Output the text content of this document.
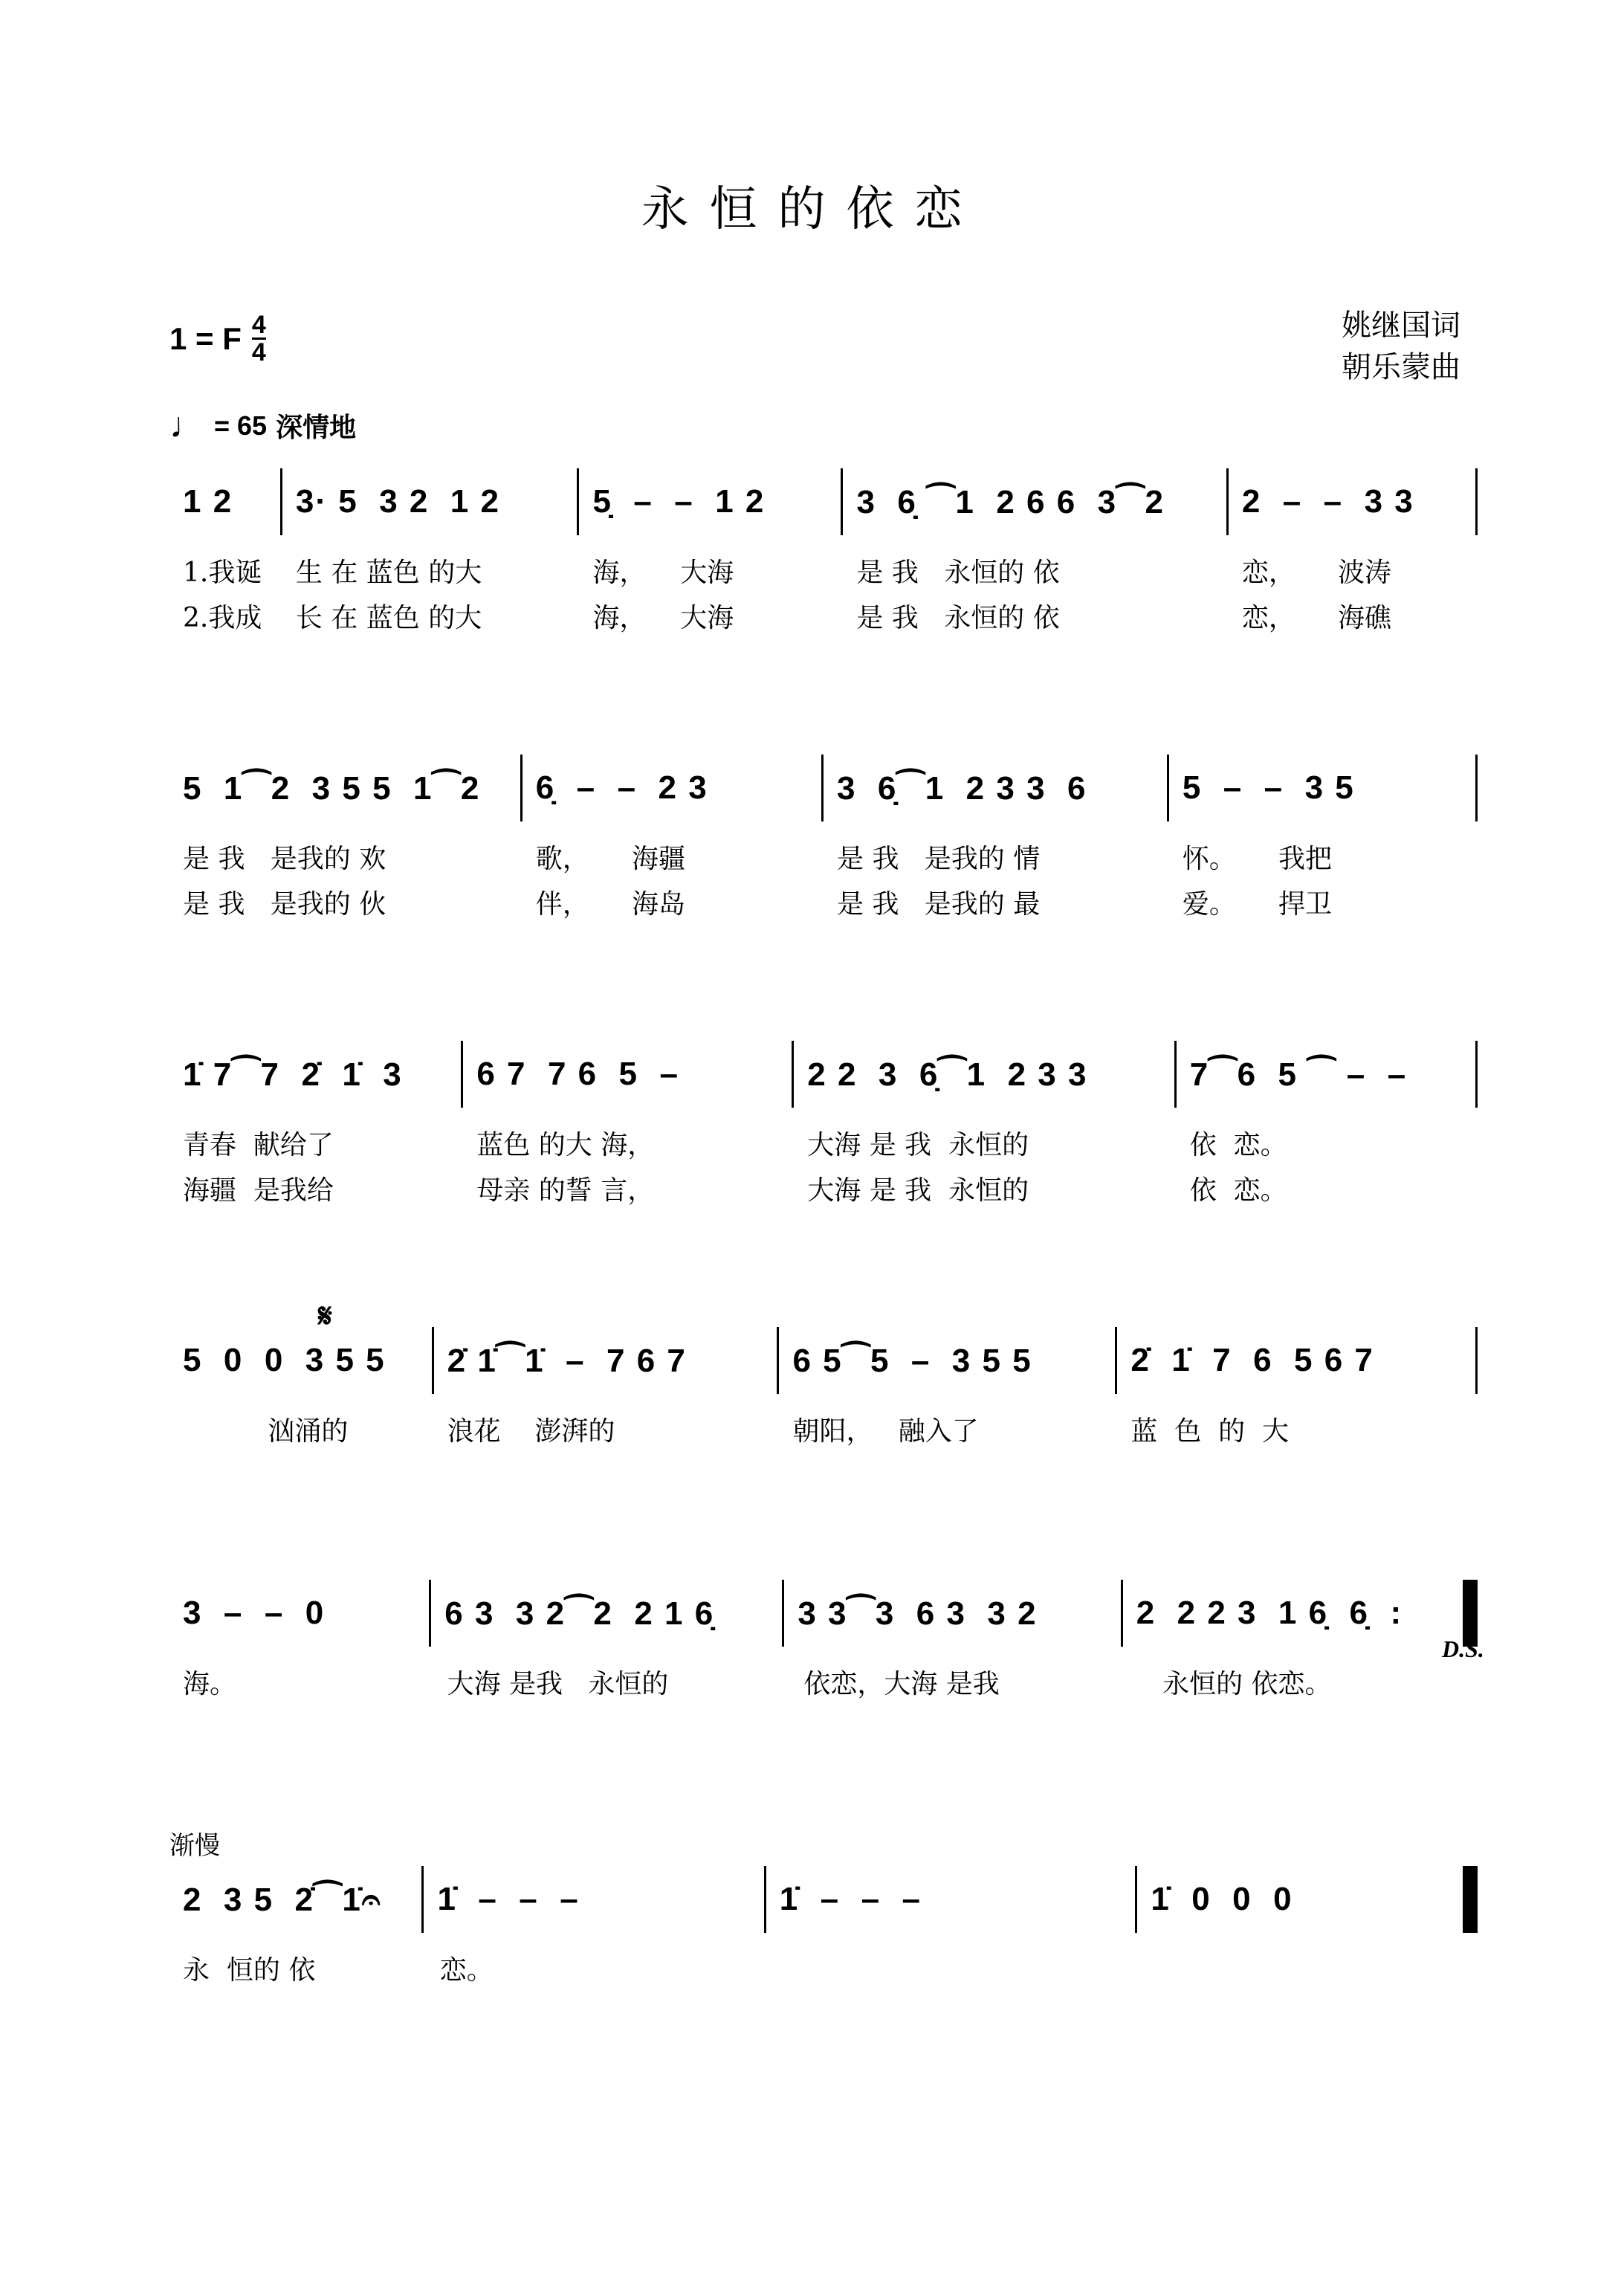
永恒的依恋
1 = F $\frac{4}{4}$	姚继国词
朝乐蒙曲
♩ = 65 深情地
1 2	3· 5  3 2  1 2	5̣  –  –  1 2	3  6̣ ⁀1  2 6 6  3⁀2	2  –  –  3 3
1.我诞	生 在 蓝色 的大	海，    大海	是 我   永恒的 依	恋，     波涛
2.我成	长 在 蓝色 的大	海，    大海	是 我   永恒的 依	恋，     海礁
5  1⁀2  3 5 5  1⁀2	6̣  –  –  2 3	3  6̣⁀1  2 3 3  6	5  –  –  3 5
是 我   是我的 欢	歌，     海疆	是 我   是我的 情	怀。     我把
是 我   是我的 伙	伴，     海岛	是 我   是我的 最	爱。     捍卫
1̇ 7⁀7  2̇  1̇  3	6 7  7 6  5  –	2 2  3  6̣⁀1  2 3 3	7⁀6  5 ⁀ –  –
青春  献给了	蓝色 的大 海，	大海 是 我  永恒的	依  恋。
海疆  是我给	母亲 的誓 言，	大海 是 我  永恒的	依  恋。
5  0  0  3 5 5	2̇ 1̇⁀1̇  –  7 6 7	6 5⁀5  –  3 5 5	2̇  1̇  7  6  5 6 7
汹涌的	浪花    澎湃的	朝阳，   融入了	蓝  色  的  大
3  –  –  0	6 3  3 2⁀2  2 1 6̣	3 3⁀3  6 3  3 2	2  2 2 3  1 6̣  6̣  :
海。	大海 是我   永恒的	依恋，大海 是我	永恒的 依恋。
2  3 5  2̇⁀1̇𝄐	1̇  –  –  –	1̇  –  –  –	1̇  0  0  0
永  恒的 依	恋。
𝄋
D.S.
渐慢
